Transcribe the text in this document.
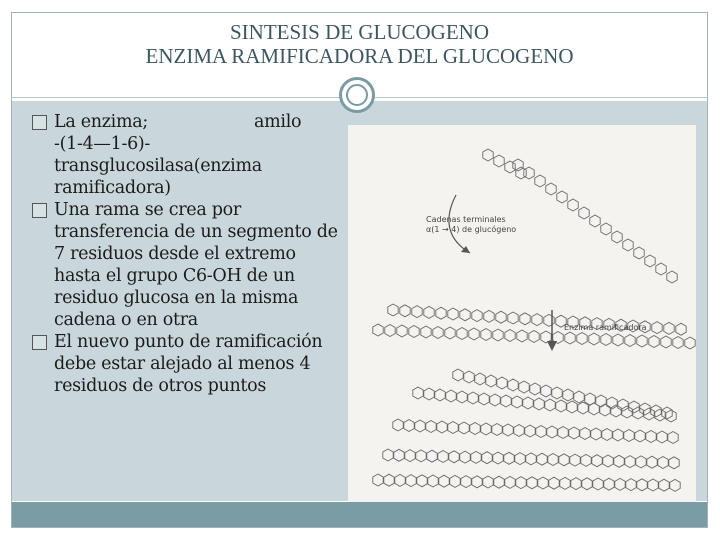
SINTESIS DE GLUCOGENO
ENZIMA RAMIFICADORA DEL GLUCOGENO
La enzima;	amilo
-(1-4—1-6)-transglucosilasa(enzima ramificadora)
Una rama se crea por transferencia de un segmento de 7 residuos desde el extremo hasta el grupo C6-OH de un residuo glucosa en la misma cadena o en otra
El nuevo punto de ramificación debe estar alejado al menos 4 residuos de otros puntos
Cadenas terminales
α(1 → 4) de glucógeno
Enzima ramificadora
